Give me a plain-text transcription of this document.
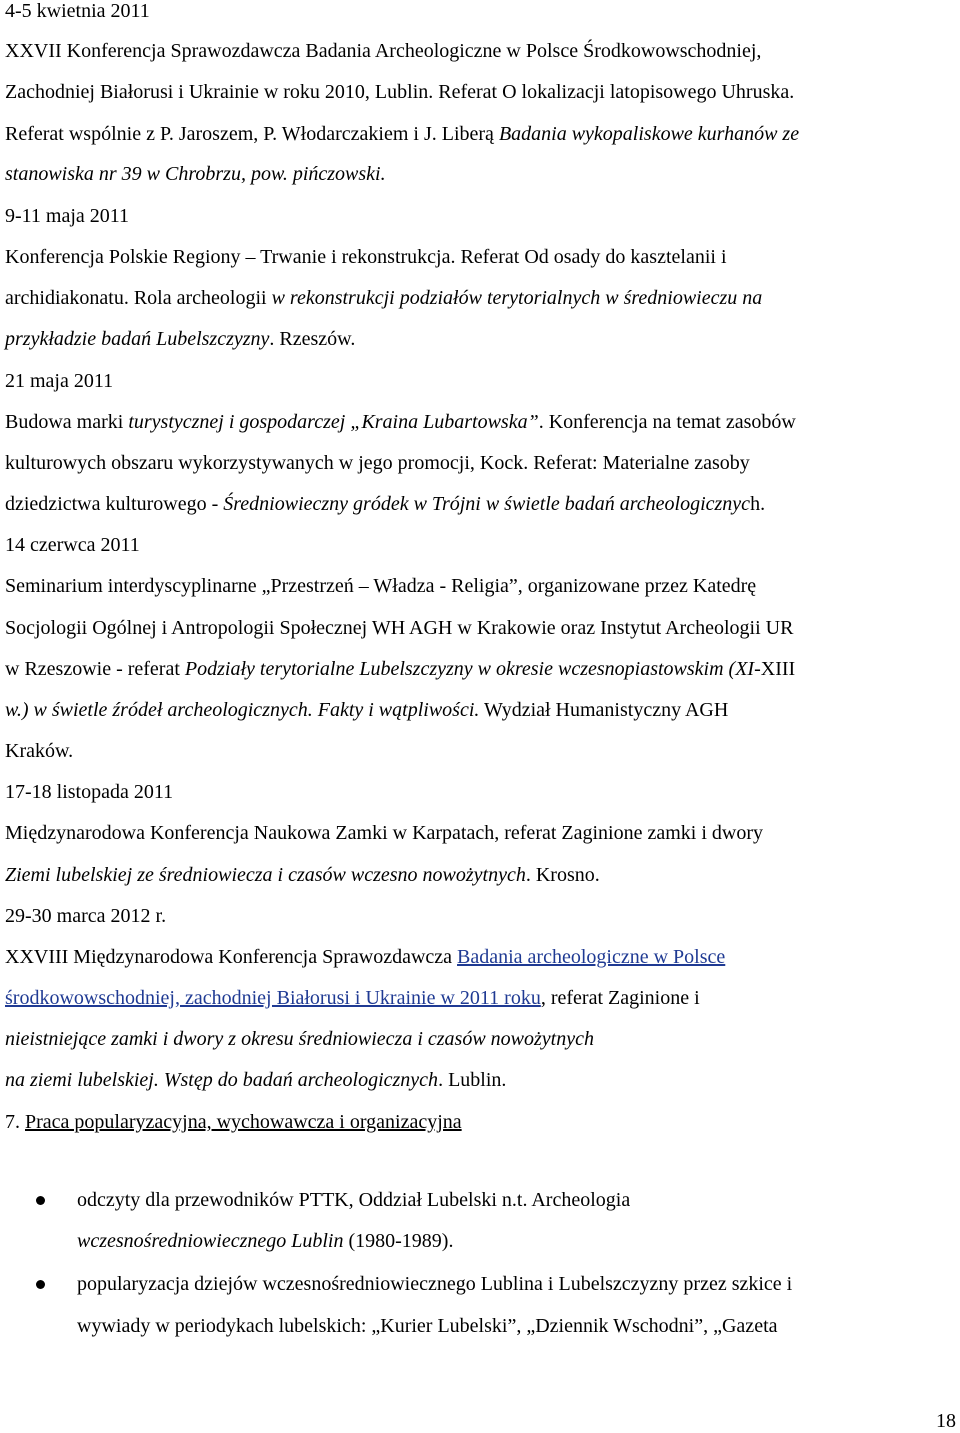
4-5 kwietnia 2011
XXVII Konferencja Sprawozdawcza Badania Archeologiczne w Polsce Środkowowschodniej,
Zachodniej Białorusi i Ukrainie w roku 2010, Lublin. Referat O lokalizacji latopisowego Uhruska.
Referat wspólnie z P. Jaroszem, P. Włodarczakiem i J. Liberą Badania wykopaliskowe kurhanów ze
stanowiska nr 39 w Chrobrzu, pow. pińczowski.
9-11 maja 2011
Konferencja Polskie Regiony – Trwanie i rekonstrukcja. Referat Od osady do kasztelanii i
archidiakonatu. Rola archeologii w rekonstrukcji podziałów terytorialnych w średniowieczu na
przykładzie badań Lubelszczyzny. Rzeszów.
21 maja 2011
Budowa marki turystycznej i gospodarczej „Kraina Lubartowska”. Konferencja na temat zasobów
kulturowych obszaru wykorzystywanych w jego promocji, Kock. Referat: Materialne zasoby
dziedzictwa kulturowego - Średniowieczny gródek w Trójni w świetle badań archeologicznych.
14 czerwca 2011
Seminarium interdyscyplinarne „Przestrzeń – Władza - Religia”, organizowane przez Katedrę
Socjologii Ogólnej i Antropologii Społecznej WH AGH w Krakowie oraz Instytut Archeologii UR
w Rzeszowie - referat Podziały terytorialne Lubelszczyzny w okresie wczesnopiastowskim (XI-XIII
w.) w świetle źródeł archeologicznych. Fakty i wątpliwości. Wydział Humanistyczny AGH
Kraków.
17-18 listopada 2011
Międzynarodowa Konferencja Naukowa Zamki w Karpatach, referat Zaginione zamki i dwory
Ziemi lubelskiej ze średniowiecza i czasów wczesno nowożytnych. Krosno.
29-30 marca 2012 r.
XXVIII Międzynarodowa Konferencja Sprawozdawcza Badania archeologiczne w Polsce
środkowowschodniej, zachodniej Białorusi i Ukrainie w 2011 roku, referat Zaginione i
nieistniejące zamki i dwory z okresu średniowiecza i czasów nowożytnych
na ziemi lubelskiej. Wstęp do badań archeologicznych. Lublin.
7. Praca popularyzacyjna, wychowawcza i organizacyjna
odczyty dla przewodników PTTK, Oddział Lubelski n.t. Archeologia
wczesnośredniowiecznego Lublin (1980-1989).
popularyzacja dziejów wczesnośredniowiecznego Lublina i Lubelszczyzny przez szkice i
wywiady w periodykach lubelskich: „Kurier Lubelski”, „Dziennik Wschodni”, „Gazeta
18
